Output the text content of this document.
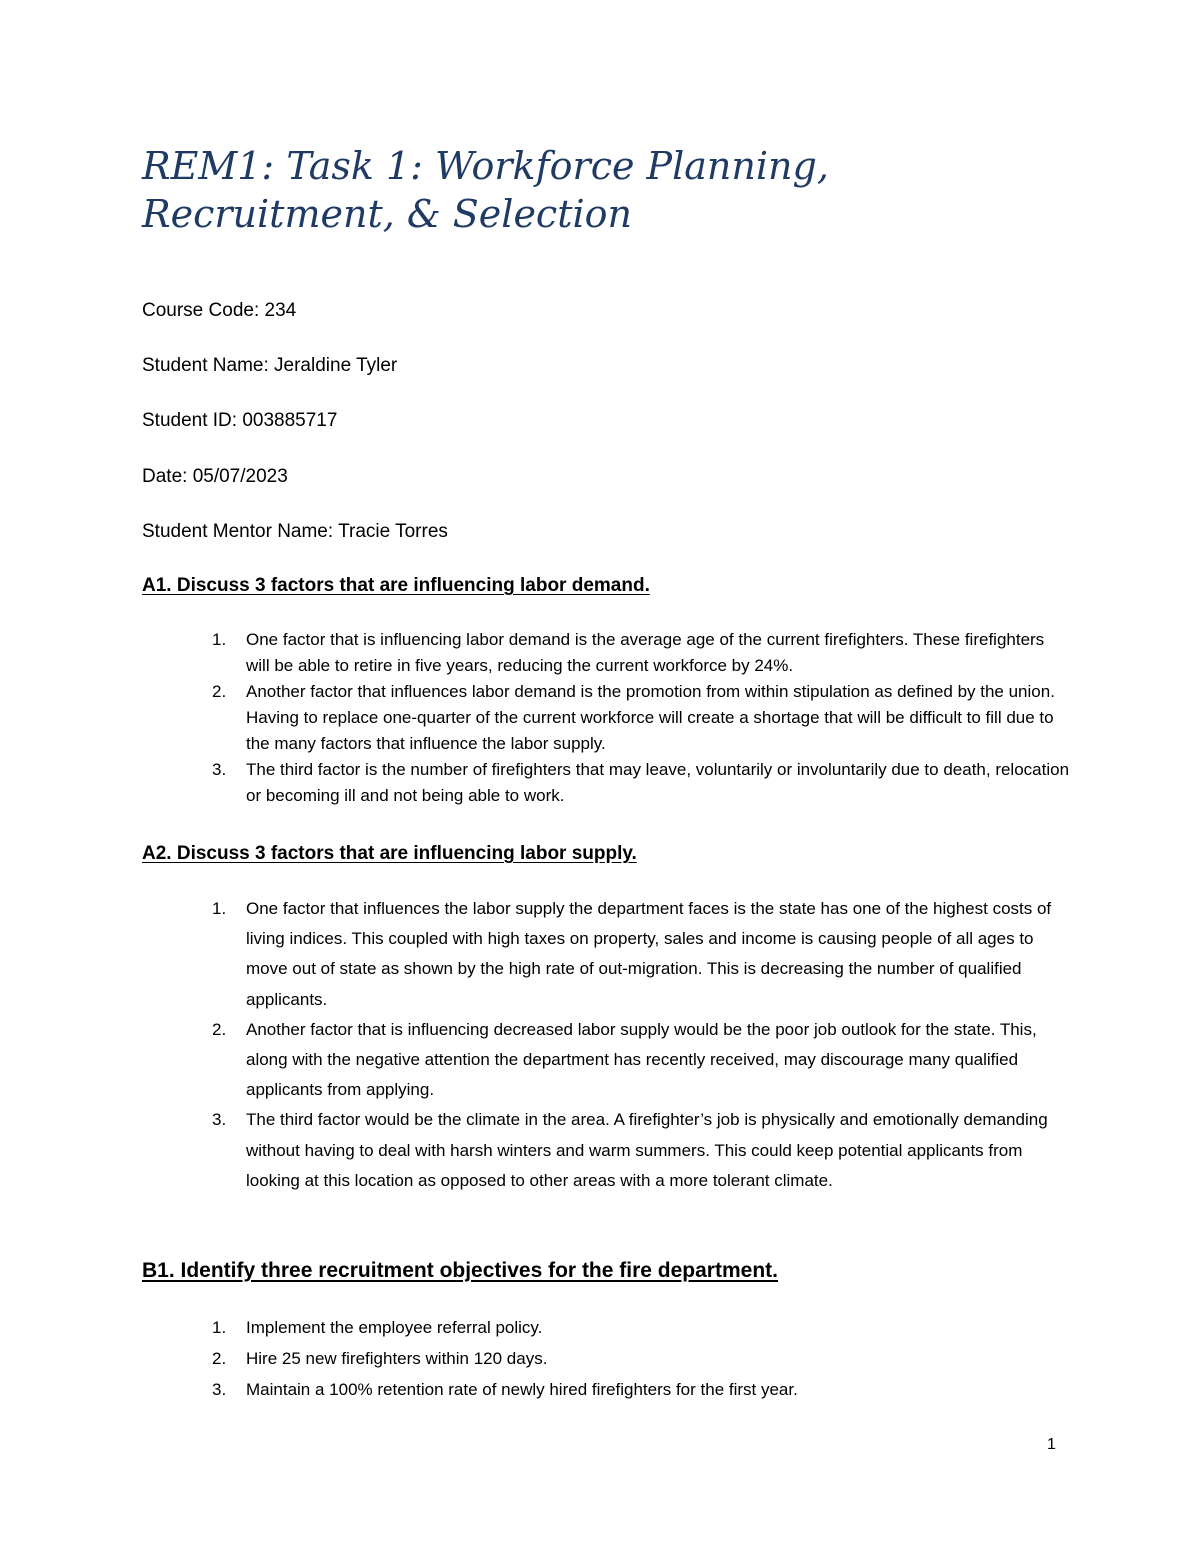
REM1: Task 1: Workforce Planning, Recruitment, & Selection
Course Code: 234
Student Name: Jeraldine Tyler
Student ID: 003885717
Date: 05/07/2023
Student Mentor Name: Tracie Torres
A1. Discuss 3 factors that are influencing labor demand.
1. One factor that is influencing labor demand is the average age of the current firefighters. These firefighters will be able to retire in five years, reducing the current workforce by 24%.
2. Another factor that influences labor demand is the promotion from within stipulation as defined by the union. Having to replace one-quarter of the current workforce will create a shortage that will be difficult to fill due to the many factors that influence the labor supply.
3. The third factor is the number of firefighters that may leave, voluntarily or involuntarily due to death, relocation or becoming ill and not being able to work.
A2. Discuss 3 factors that are influencing labor supply.
1. One factor that influences the labor supply the department faces is the state has one of the highest costs of living indices. This coupled with high taxes on property, sales and income is causing people of all ages to move out of state as shown by the high rate of out-migration. This is decreasing the number of qualified applicants.
2. Another factor that is influencing decreased labor supply would be the poor job outlook for the state. This, along with the negative attention the department has recently received, may discourage many qualified applicants from applying.
3. The third factor would be the climate in the area. A firefighter’s job is physically and emotionally demanding without having to deal with harsh winters and warm summers. This could keep potential applicants from looking at this location as opposed to other areas with a more tolerant climate.
B1. Identify three recruitment objectives for the fire department.
1. Implement the employee referral policy.
2. Hire 25 new firefighters within 120 days.
3. Maintain a 100% retention rate of newly hired firefighters for the first year.
1
